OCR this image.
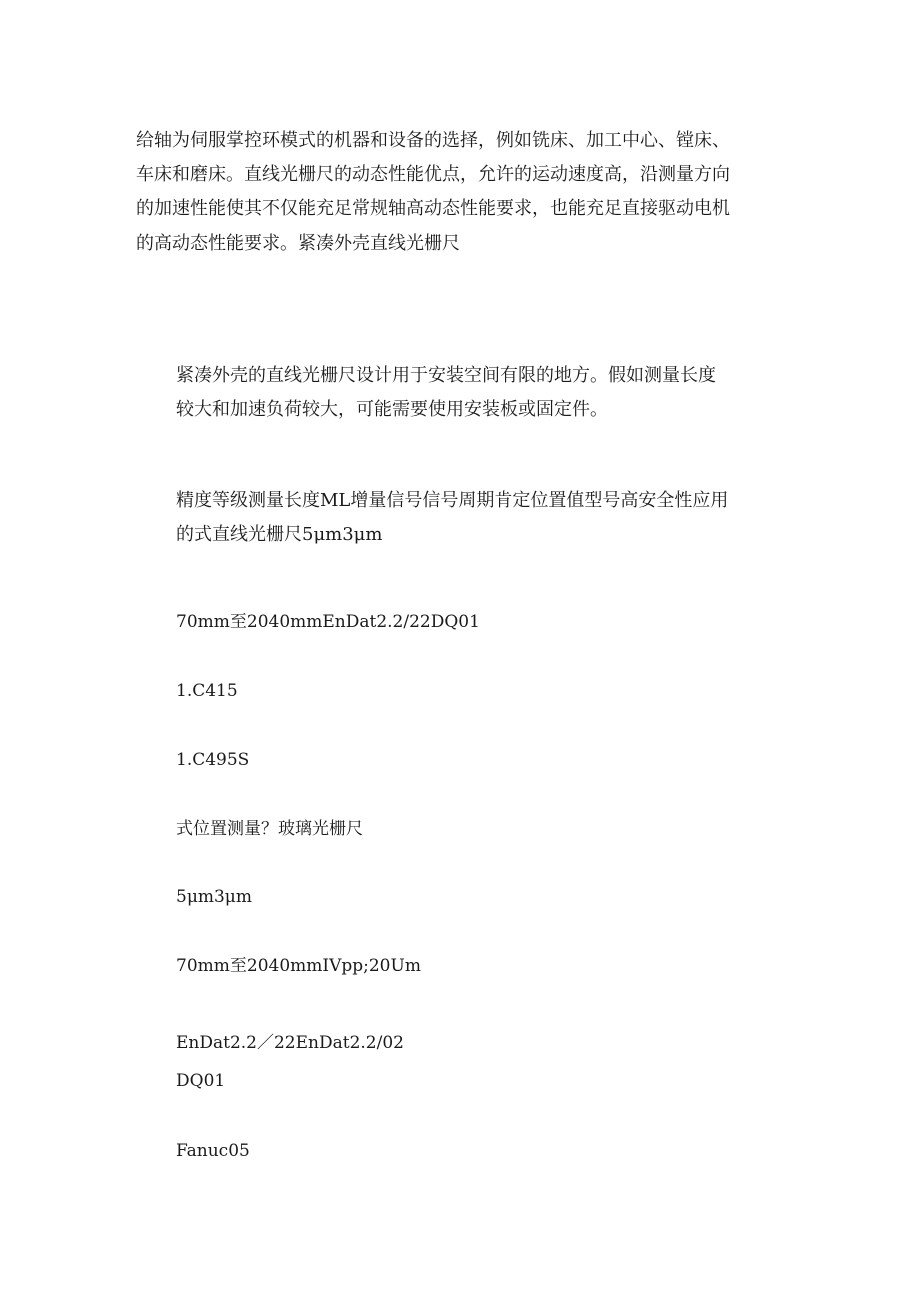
给轴为伺服掌控环模式的机器和设备的选择，例如铣床、加工中心、镗床、
车床和磨床。直线光栅尺的动态性能优点，允许的运动速度高，沿测量方向
的加速性能使其不仅能充足常规轴高动态性能要求，也能充足直接驱动电机
的高动态性能要求。紧凑外壳直线光栅尺

紧凑外壳的直线光栅尺设计用于安装空间有限的地方。假如测量长度
较大和加速负荷较大，可能需要使用安装板或固定件。

精度等级测量长度ML增量信号信号周期肯定位置值型号高安全性应用
的式直线光栅尺5μm3μm

70mm至2040mmEnDat2.2/22DQ01

1.C415

1.C495S

式位置测量？玻璃光栅尺

5μm3μm

70mm至2040mmIVpp;20Um

EnDat2.2／22EnDat2.2/02

DQ01

Fanuc05
